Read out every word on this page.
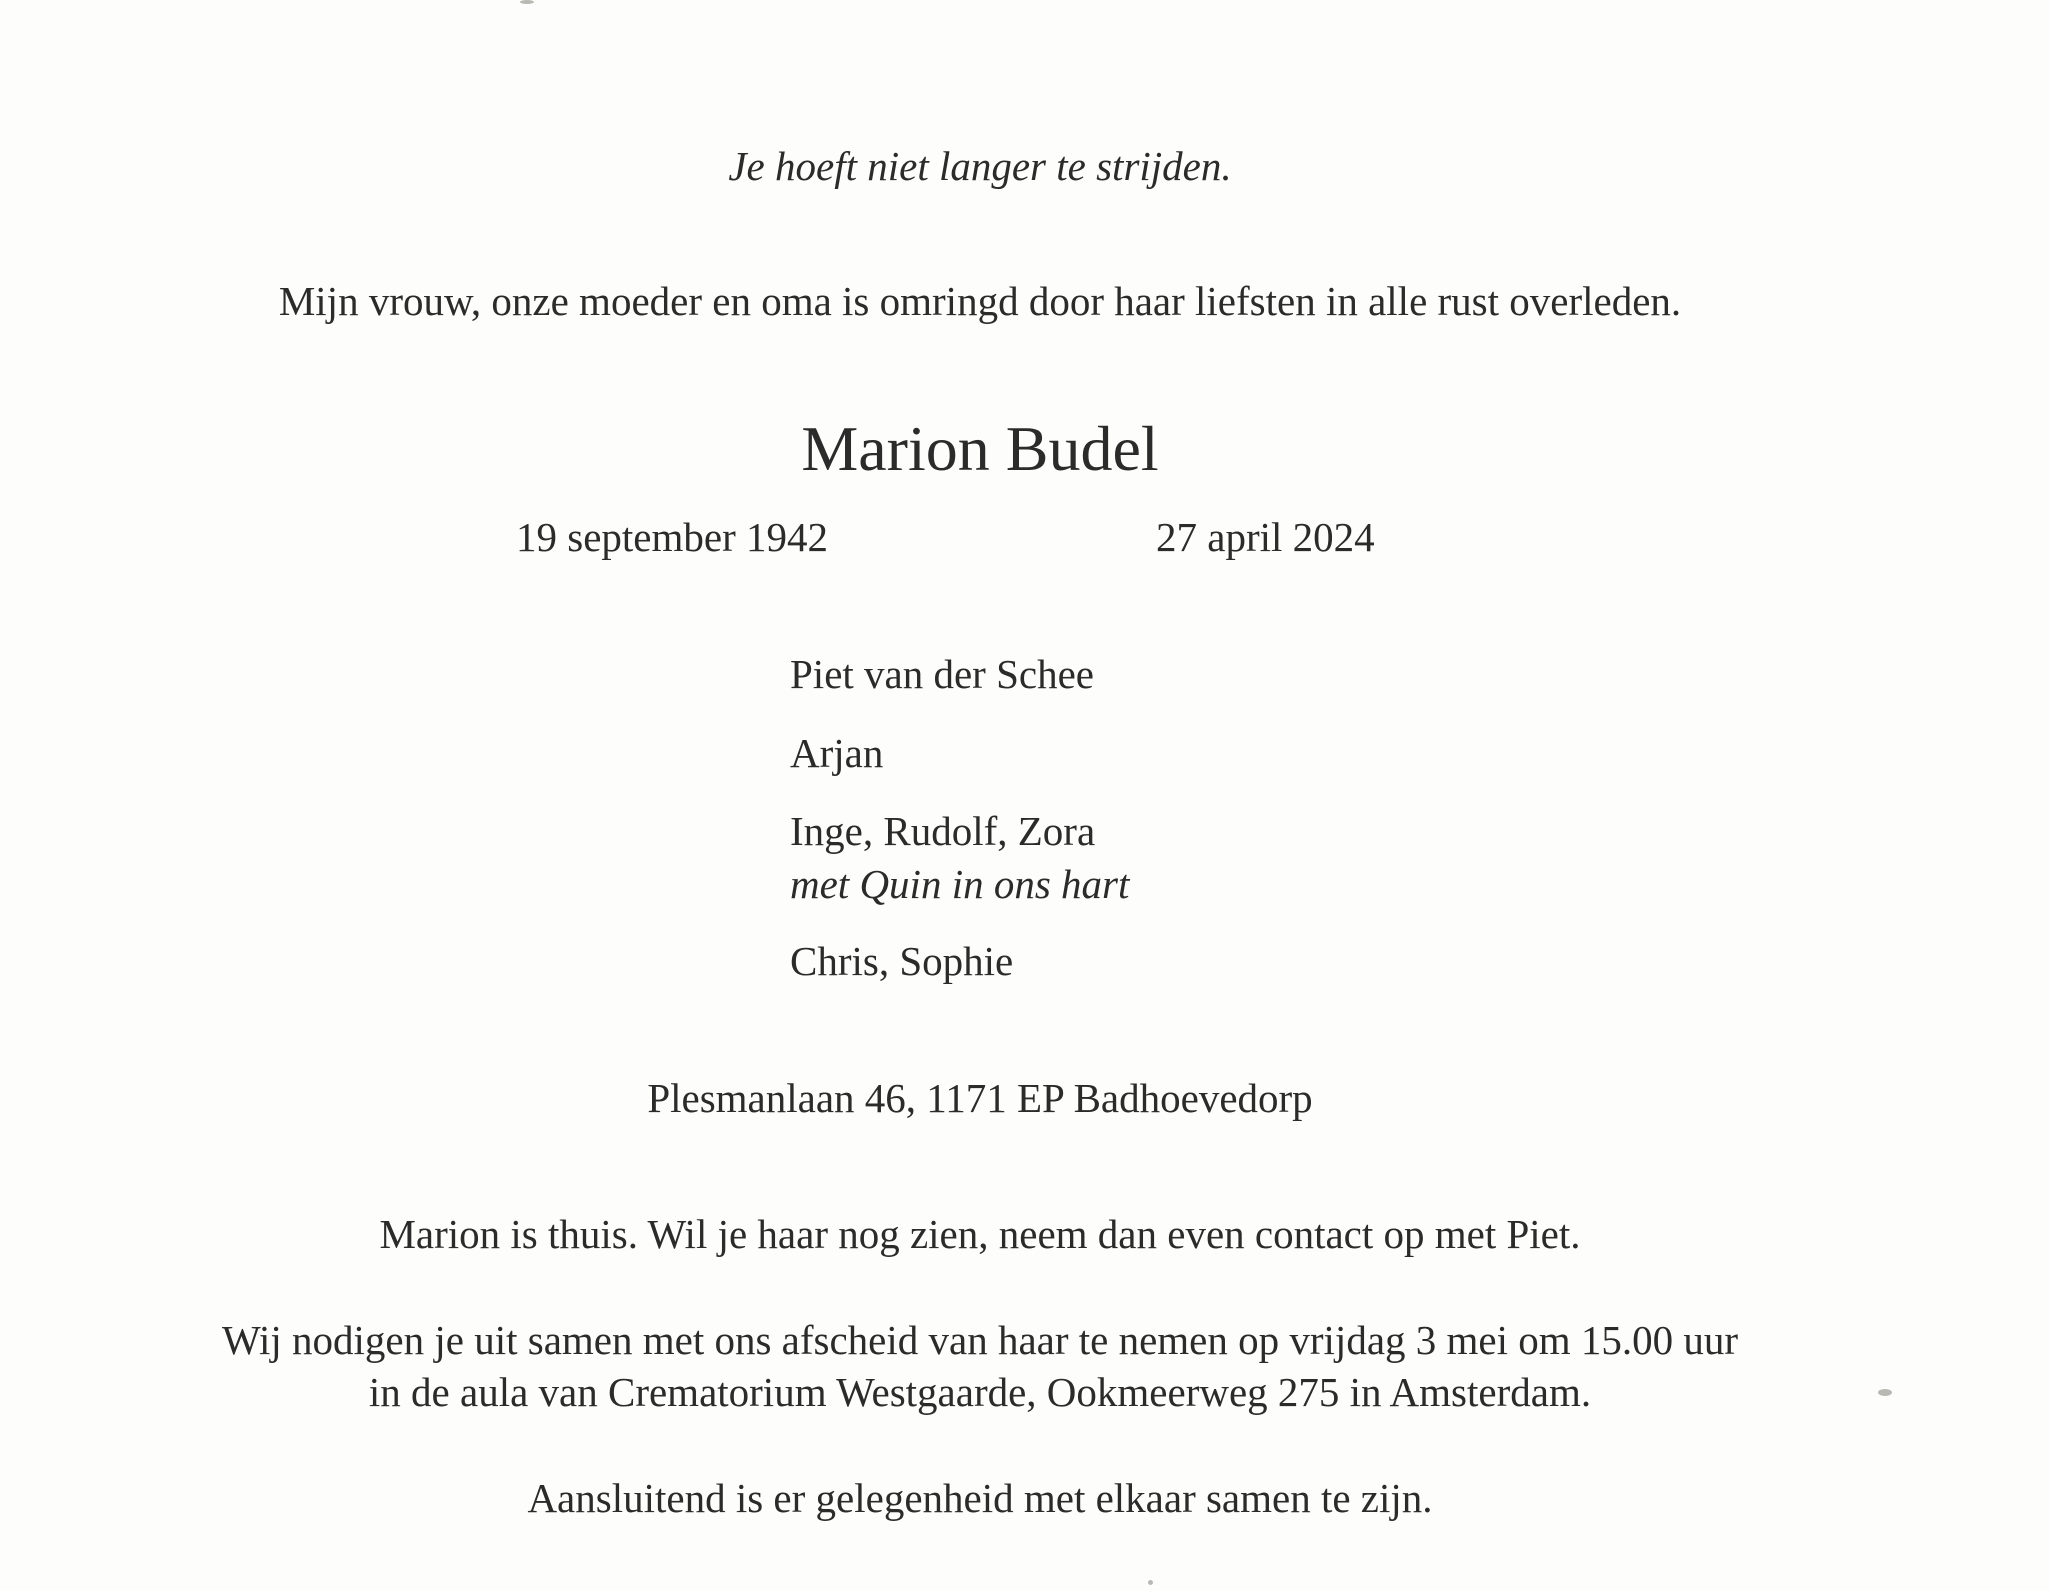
Je hoeft niet langer te strijden.
Mijn vrouw, onze moeder en oma is omringd door haar liefsten in alle rust overleden.
Marion Budel
19 september 1942	27 april 2024
Piet van der Schee
Arjan
Inge, Rudolf, Zora
met Quin in ons hart
Chris, Sophie
Plesmanlaan 46, 1171 EP Badhoevedorp
Marion is thuis. Wil je haar nog zien, neem dan even contact op met Piet.
Wij nodigen je uit samen met ons afscheid van haar te nemen op vrijdag 3 mei om 15.00 uur
in de aula van Crematorium Westgaarde, Ookmeerweg 275 in Amsterdam.
Aansluitend is er gelegenheid met elkaar samen te zijn.
